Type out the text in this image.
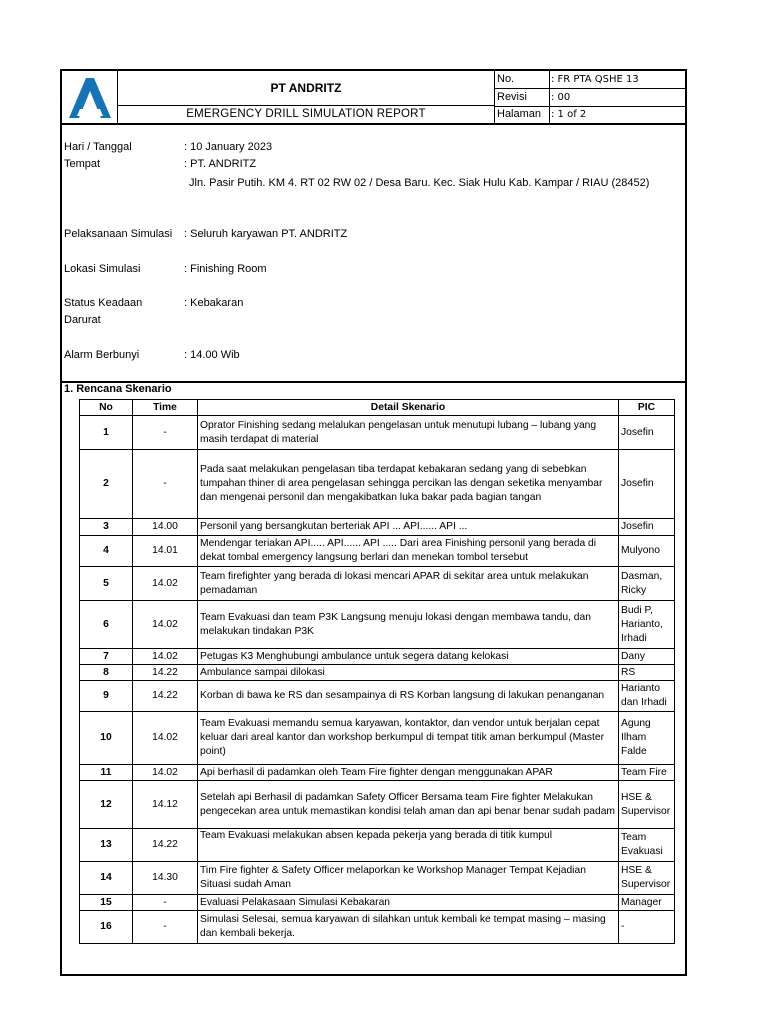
PT ANDRITZ
EMERGENCY DRILL SIMULATION REPORT
No.	: FR PTA QSHE 13
Revisi	: 00
Halaman : 1 of 2
Hari / Tanggal	: 10 January 2023
Tempat	: PT. ANDRITZ
Jln. Pasir Putih. KM 4. RT 02 RW 02 / Desa Baru. Kec. Siak Hulu Kab. Kampar / RIAU (28452)
Pelaksanaan Simulasi : Seluruh karyawan PT. ANDRITZ
Lokasi Simulasi	: Finishing Room
Status Keadaan
Darurat
: Kebakaran
Alarm Berbunyi	: 14.00 Wib
1. Rencana Skenario
No	Time	Detail Skenario	PIC
1	-	Oprator Finishing sedang melalukan pengelasan untuk menutupi lubang – lubang yang masih terdapat di material	Josefin
2	-	Pada saat melakukan pengelasan tiba terdapat kebakaran sedang yang di sebebkan tumpahan thiner di area pengelasan sehingga percikan las dengan seketika menyambar dan mengenai personil dan mengakibatkan luka bakar pada bagian tangan	Josefin
3	14.00	Personil yang bersangkutan berteriak API ... API...... API ...	Josefin
4	14.01	Mendengar teriakan API..... API...... API ..... Dari area Finishing personil yang berada di dekat tombal emergency langsung berlari dan menekan tombol tersebut	Mulyono
5	14.02	Team firefighter yang berada di lokasi mencari APAR di sekitar area untuk melakukan pemadaman	Dasman, Ricky
6	14.02	Team Evakuasi dan team P3K Langsung menuju lokasi dengan membawa tandu, dan melakukan tindakan P3K	Budi P, Harianto, Irhadi
7	14.02	Petugas K3 Menghubungi ambulance untuk segera datang kelokasi	Dany
8	14.22	Ambulance sampai dilokasi	RS
9	14.22	Korban di bawa ke RS dan sesampainya di RS Korban langsung di lakukan penanganan	Harianto dan Irhadi
10	14.02	Team Evakuasi memandu semua karyawan, kontaktor, dan vendor untuk berjalan cepat keluar dari areal kantor dan workshop berkumpul di tempat titik aman berkumpul (Master point)	Agung Ilham Falde
11	14.02	Api berhasil di padamkan oleh Team Fire fighter dengan menggunakan APAR	Team Fire
12	14.12	Setelah api Berhasil di padamkan Safety Officer Bersama team Fire fighter Melakukan pengecekan area untuk memastikan kondisi telah aman dan api benar benar sudah padam	HSE & Supervisor
13	14.22	Team Evakuasi melakukan absen kepada pekerja yang berada di titik kumpul	Team Evakuasi
14	14.30	Tim Fire fighter & Safety Officer melaporkan ke Workshop Manager Tempat Kejadian Situasi sudah Aman	HSE & Supervisor
15	-	Evaluasi Pelakasaan Simulasi Kebakaran	Manager
16	-	Simulasi Selesai, semua karyawan di silahkan untuk kembali ke tempat masing – masing dan kembali bekerja.	-
